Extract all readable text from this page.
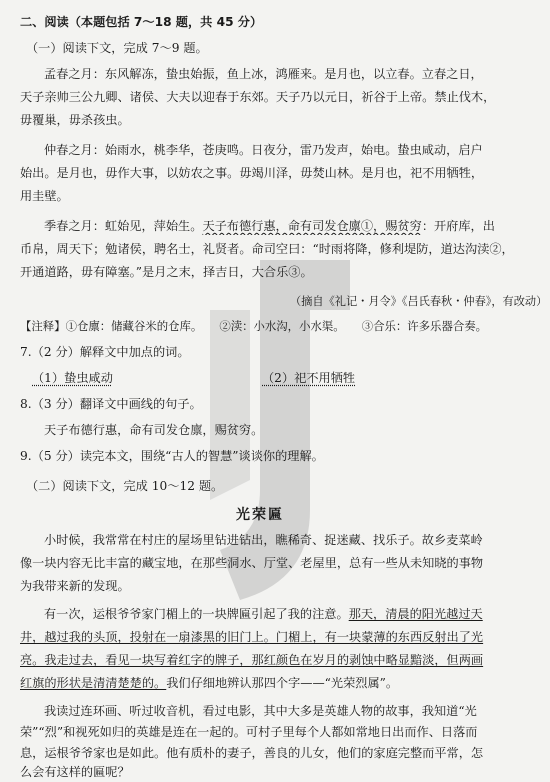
二、阅读（本题包括 7～18 题，共 45 分）
（一）阅读下文，完成 7～9 题。
孟春之月：东风解冻，蛰虫始振，鱼上冰，鸿雁来。是月也，以立春。立春之日，
天子亲帅三公九卿、诸侯、大夫以迎春于东郊。天子乃以元日，祈谷于上帝。禁止伐木，
毋覆巢，毋杀孩虫。
仲春之月：始雨水，桃李华，苍庚鸣。日夜分，雷乃发声，始电。蛰虫咸动，启户
始出。是月也，毋作大事，以妨农之事。毋竭川泽，毋焚山林。是月也，祀不用牺牲，
用圭壁。
季春之月：虹始见，萍始生。天子布德行惠，命有司发仓廪①，赐贫穷：开府库，出
币帛，周天下；勉诸侯，聘名士，礼贤者。命司空曰：“时雨将降，修利堤防，道达沟渎②，
开通道路，毋有障塞。”是月之末，择吉日，大合乐③。
（摘自《礼记・月令》《吕氏春秋・仲春》，有改动）
【注释】①仓廪：储藏谷米的仓库。　　②渎：小水沟，小水渠。　　③合乐：许多乐器合奏。
7.（2 分）解释文中加点的词。
（1）蛰虫咸动	（2）祀不用牺牲
8.（3 分）翻译文中画线的句子。
天子布德行惠，命有司发仓廪，赐贫穷。
9.（5 分）读完本文，围绕“古人的智慧”谈谈你的理解。
（二）阅读下文，完成 10～12 题。
光荣匾
小时候，我常常在村庄的屋场里钻进钻出，瞧稀奇、捉迷藏、找乐子。故乡麦菜岭
像一块内容无比丰富的藏宝地，在那些洞水、厅堂、老屋里，总有一些从未知晓的事物
为我带来新的发现。
有一次，运根爷爷家门楣上的一块牌匾引起了我的注意。那天，清晨的阳光越过天
井，越过我的头顶，投射在一扇漆黑的旧门上。门楣上，有一块蒙薄的东西反射出了光
亮。我走过去，看见一块写着红字的牌子，那红颜色在岁月的剥蚀中略显黯淡，但两画
红旗的形状是清清楚楚的。我们仔细地辨认那四个字——“光荣烈属”。
我读过连环画、听过收音机，看过电影，其中大多是英雄人物的故事，我知道“光
荣”“烈”和视死如归的英雄是连在一起的。可村子里每个人都如常地日出而作、日落而
息，运根爷爷家也是如此。他有质朴的妻子，善良的儿女，他们的家庭完整而平常，怎
么会有这样的匾呢？
